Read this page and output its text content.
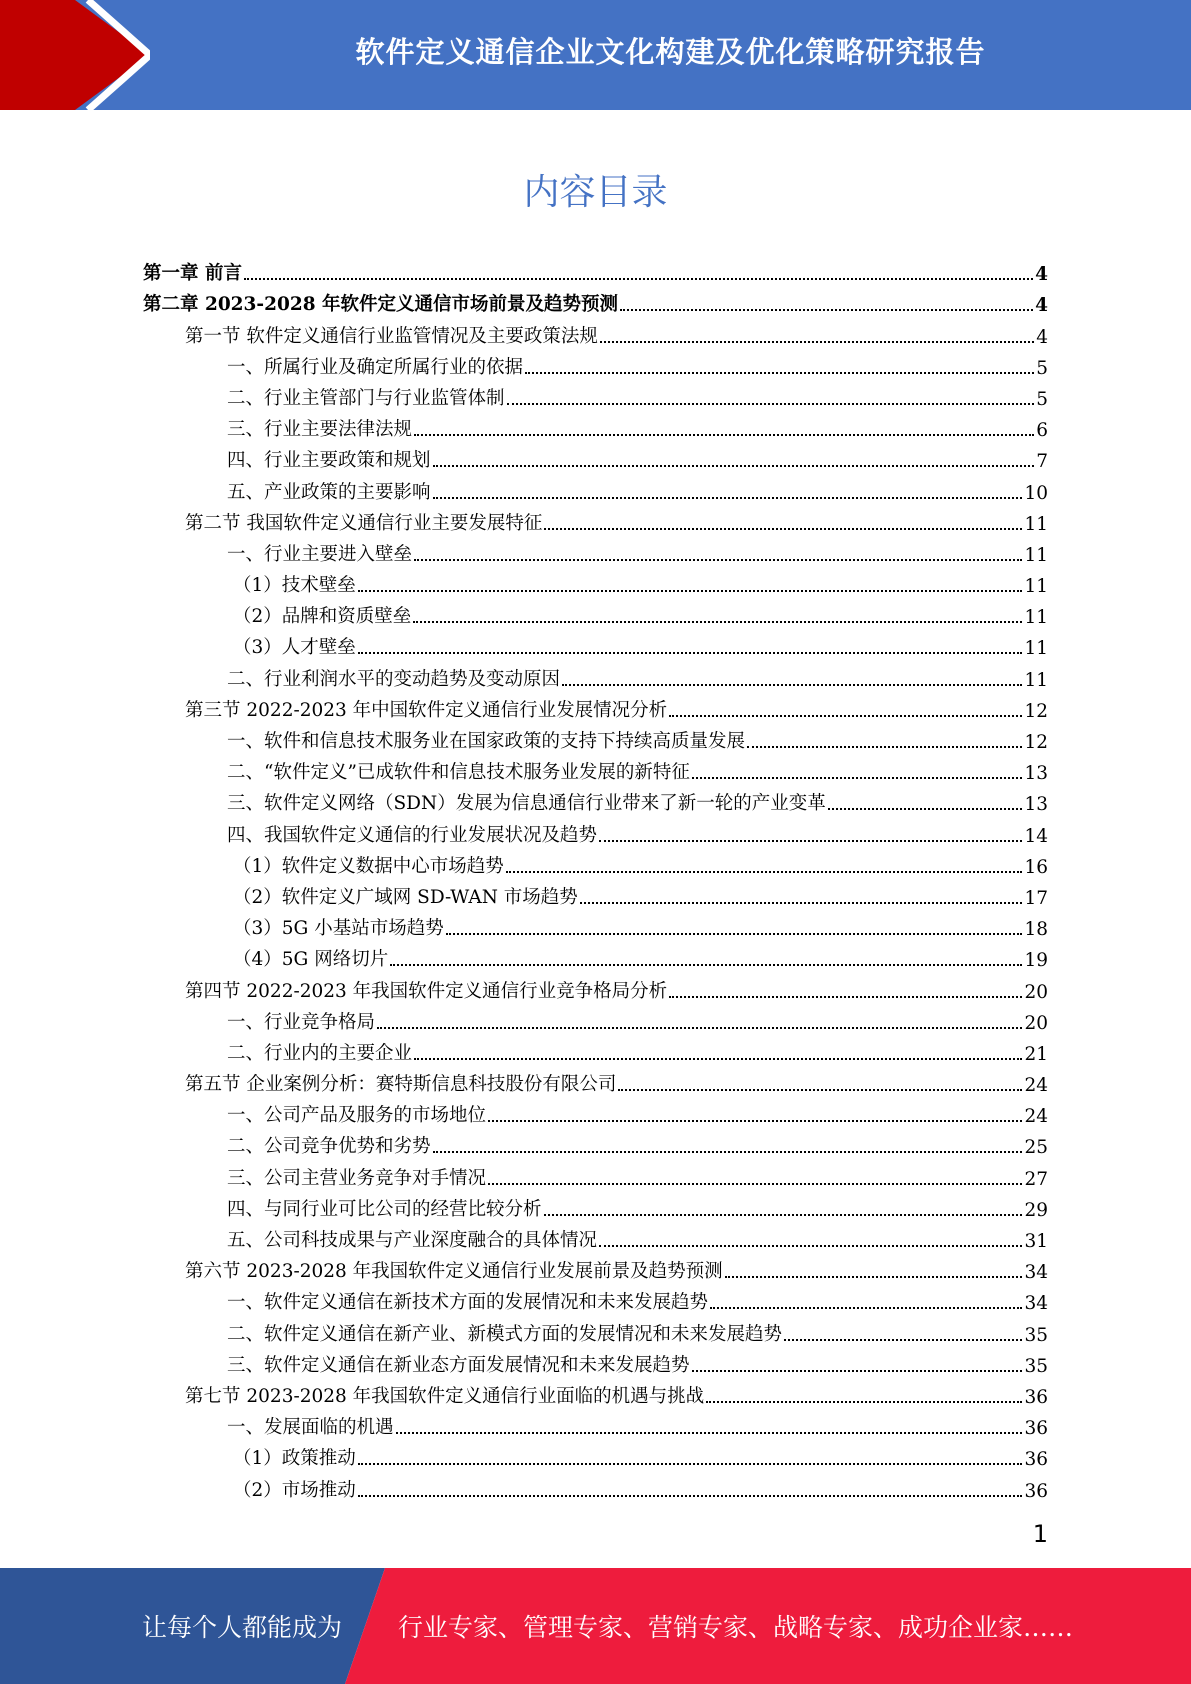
软件定义通信企业文化构建及优化策略研究报告
内容目录
第一章 前言	4
第二章 2023-2028 年软件定义通信市场前景及趋势预测	4
第一节 软件定义通信行业监管情况及主要政策法规	4
一、所属行业及确定所属行业的依据	5
二、行业主管部门与行业监管体制	5
三、行业主要法律法规	6
四、行业主要政策和规划	7
五、产业政策的主要影响	10
第二节 我国软件定义通信行业主要发展特征	11
一、行业主要进入壁垒	11
（1）技术壁垒	11
（2）品牌和资质壁垒	11
（3）人才壁垒	11
二、行业利润水平的变动趋势及变动原因	11
第三节 2022-2023 年中国软件定义通信行业发展情况分析	12
一、软件和信息技术服务业在国家政策的支持下持续高质量发展	12
二、“软件定义”已成软件和信息技术服务业发展的新特征	13
三、软件定义网络（SDN）发展为信息通信行业带来了新一轮的产业变革	13
四、我国软件定义通信的行业发展状况及趋势	14
（1）软件定义数据中心市场趋势	16
（2）软件定义广域网 SD-WAN 市场趋势	17
（3）5G 小基站市场趋势	18
（4）5G 网络切片	19
第四节 2022-2023 年我国软件定义通信行业竞争格局分析	20
一、行业竞争格局	20
二、行业内的主要企业	21
第五节 企业案例分析：赛特斯信息科技股份有限公司	24
一、公司产品及服务的市场地位	24
二、公司竞争优势和劣势	25
三、公司主营业务竞争对手情况	27
四、与同行业可比公司的经营比较分析	29
五、公司科技成果与产业深度融合的具体情况	31
第六节 2023-2028 年我国软件定义通信行业发展前景及趋势预测	34
一、软件定义通信在新技术方面的发展情况和未来发展趋势	34
二、软件定义通信在新产业、新模式方面的发展情况和未来发展趋势	35
三、软件定义通信在新业态方面发展情况和未来发展趋势	35
第七节 2023-2028 年我国软件定义通信行业面临的机遇与挑战	36
一、发展面临的机遇	36
（1）政策推动	36
（2）市场推动	36
1
让每个人都能成为 行业专家、管理专家、营销专家、战略专家、成功企业家……
